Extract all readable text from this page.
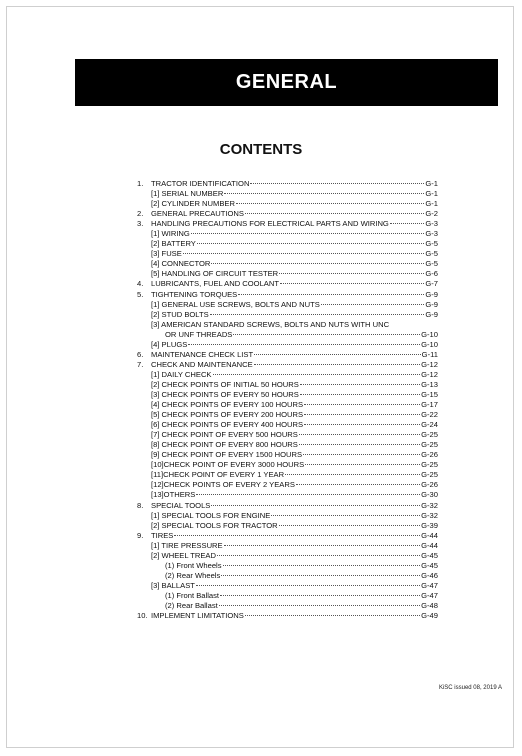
GENERAL
CONTENTS
1.	TRACTOR IDENTIFICATION	G-1
[1] SERIAL NUMBER	G-1
[2] CYLINDER NUMBER	G-1
2.	GENERAL PRECAUTIONS	G-2
3.	HANDLING PRECAUTIONS FOR ELECTRICAL PARTS AND WIRING	G-3
[1] WIRING	G-3
[2] BATTERY	G-5
[3] FUSE	G-5
[4] CONNECTOR	G-5
[5] HANDLING OF CIRCUIT TESTER	G-6
4.	LUBRICANTS, FUEL AND COOLANT	G-7
5.	TIGHTENING TORQUES	G-9
[1] GENERAL USE SCREWS, BOLTS AND NUTS	G-9
[2] STUD BOLTS	G-9
[3] AMERICAN STANDARD SCREWS, BOLTS AND NUTS WITH UNC
OR UNF THREADS	G-10
[4] PLUGS	G-10
6.	MAINTENANCE CHECK LIST	G-11
7.	CHECK AND MAINTENANCE	G-12
[1] DAILY CHECK	G-12
[2] CHECK POINTS OF INITIAL 50 HOURS	G-13
[3] CHECK POINTS OF EVERY 50 HOURS	G-15
[4] CHECK POINTS OF EVERY 100 HOURS	G-17
[5] CHECK POINTS OF EVERY 200 HOURS	G-22
[6] CHECK POINTS OF EVERY 400 HOURS	G-24
[7] CHECK POINT OF EVERY 500 HOURS	G-25
[8] CHECK POINT OF EVERY 800 HOURS	G-25
[9] CHECK POINT OF EVERY 1500 HOURS	G-26
[10]CHECK POINT OF EVERY 3000 HOURS	G-25
[11]CHECK POINT OF EVERY 1 YEAR	G-25
[12]CHECK POINTS OF EVERY 2 YEARS	G-26
[13]OTHERS	G-30
8.	SPECIAL TOOLS	G-32
[1] SPECIAL TOOLS FOR ENGINE	G-32
[2] SPECIAL TOOLS FOR TRACTOR	G-39
9.	TIRES	G-44
[1] TIRE PRESSURE	G-44
[2] WHEEL TREAD	G-45
(1) Front Wheels	G-45
(2) Rear Wheels	G-46
[3] BALLAST	G-47
(1) Front Ballast	G-47
(2) Rear Ballast	G-48
10. IMPLEMENT LIMITATIONS	G-49
KiSC issued 08, 2019 A
